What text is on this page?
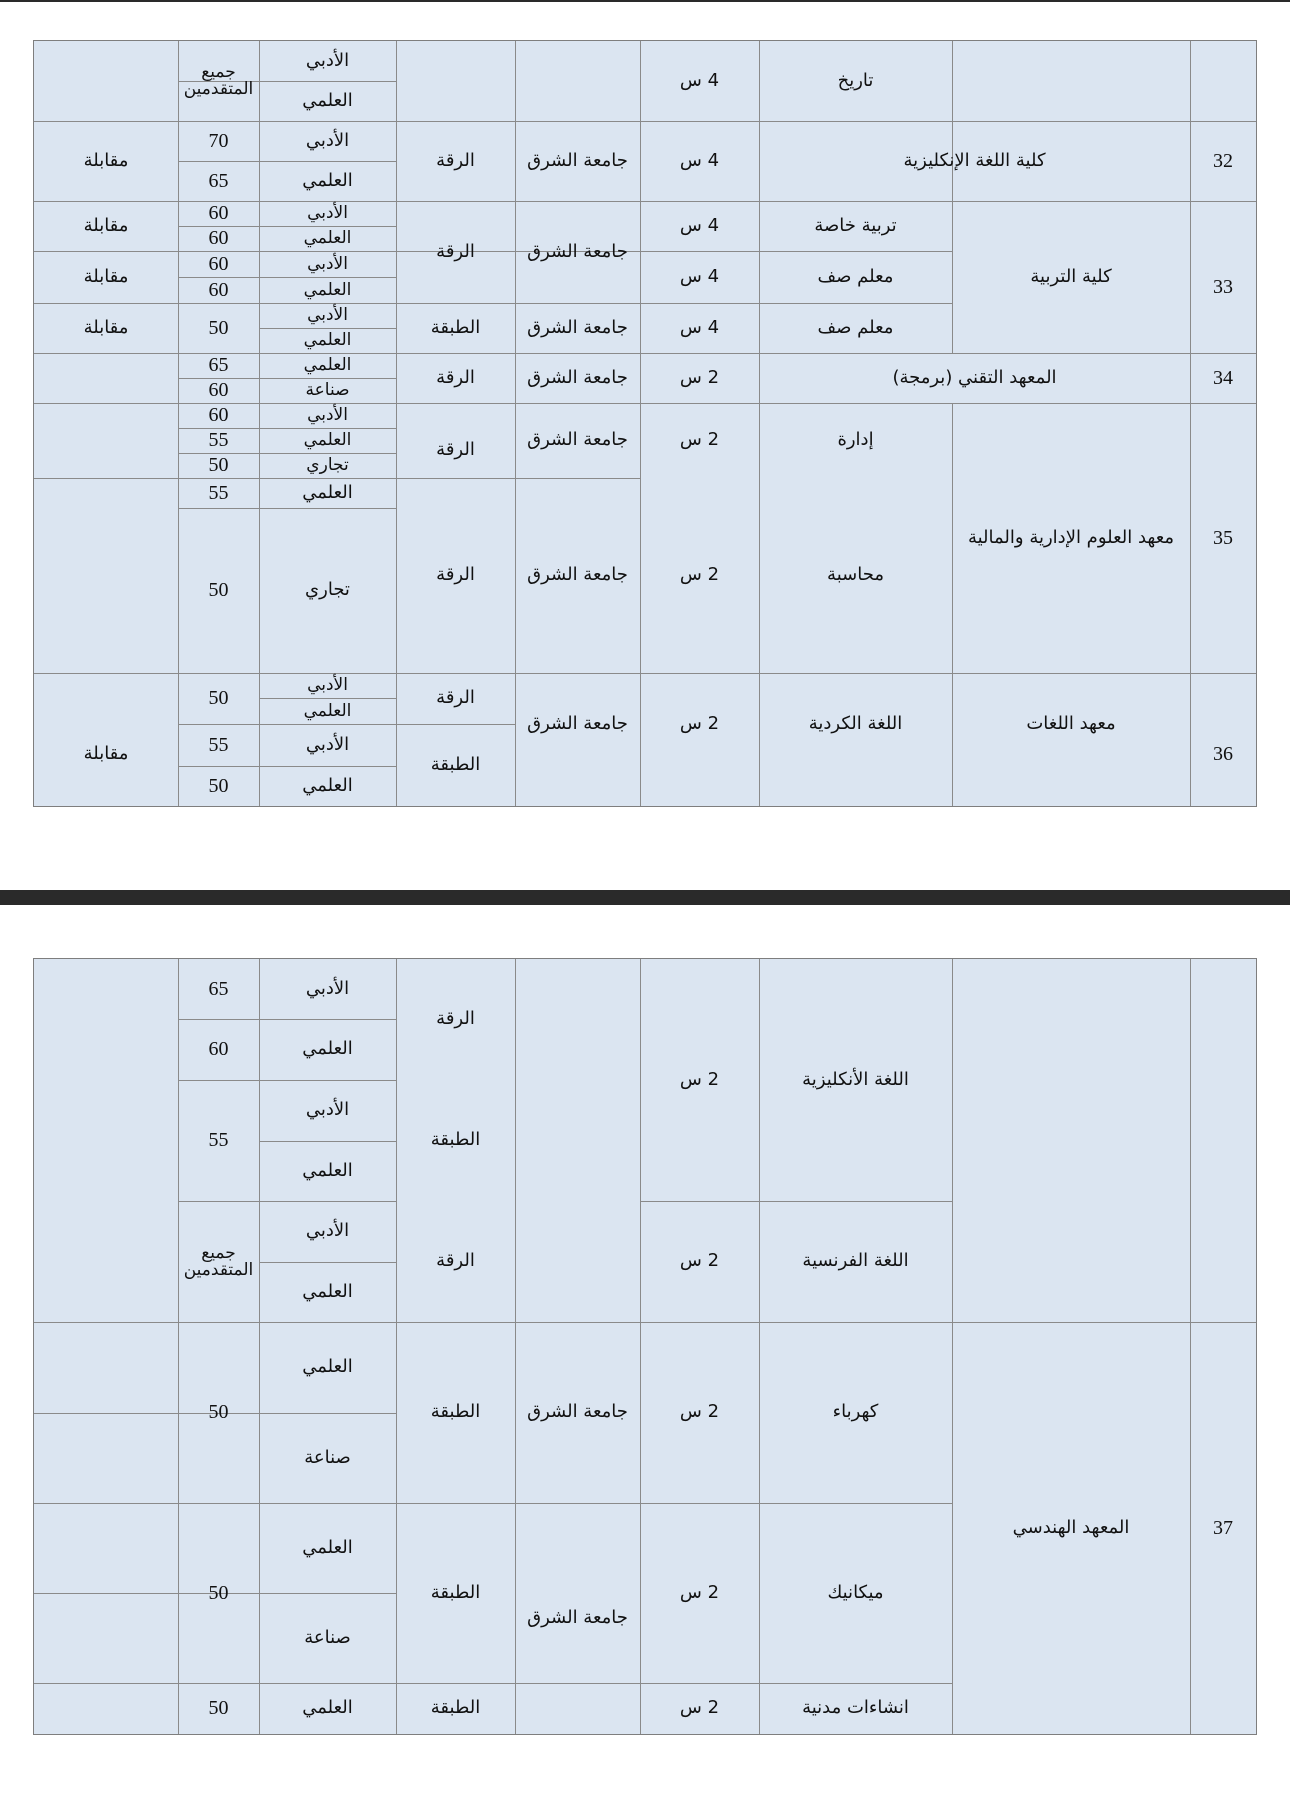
تاريخ
4 س
الأدبي
العلمي
جميع المتقدمين
32
كلية اللغة الإنكليزية
4 س
جامعة الشرق
الرقة
الأدبي
العلمي
70
65
مقابلة
33
كلية التربية
جامعة الشرق
الرقة
تربية خاصة
4 س
الأدبي
العلمي
60
60
مقابلة
معلم صف
4 س
الأدبي
العلمي
60
60
مقابلة
معلم صف
4 س
جامعة الشرق
الطبقة
الأدبي
العلمي
50
مقابلة
34
المعهد التقني (برمجة)
2 س
جامعة الشرق
الرقة
العلمي
صناعة
65
60
35
معهد العلوم الإدارية والمالية
إدارة
2 س
جامعة الشرق
الرقة
الأدبي
العلمي
تجاري
60
55
50
محاسبة
2 س
جامعة الشرق
الرقة
العلمي
تجاري
55
50
36
معهد اللغات
اللغة الكردية
2 س
جامعة الشرق
الرقة
الأدبي
العلمي
50
الطبقة
الأدبي
العلمي
55
50
مقابلة
اللغة الأنكليزية
2 س
الرقة
الأدبي
العلمي
65
60
الطبقة
الأدبي
العلمي
55
اللغة الفرنسية
2 س
الرقة
الأدبي
العلمي
جميع المتقدمين
37
المعهد الهندسي
كهرباء
2 س
جامعة الشرق
الطبقة
العلمي
صناعة
50
ميكانيك
2 س
جامعة الشرق
الطبقة
العلمي
صناعة
50
انشاءات مدنية
2 س
الطبقة
العلمي
50
